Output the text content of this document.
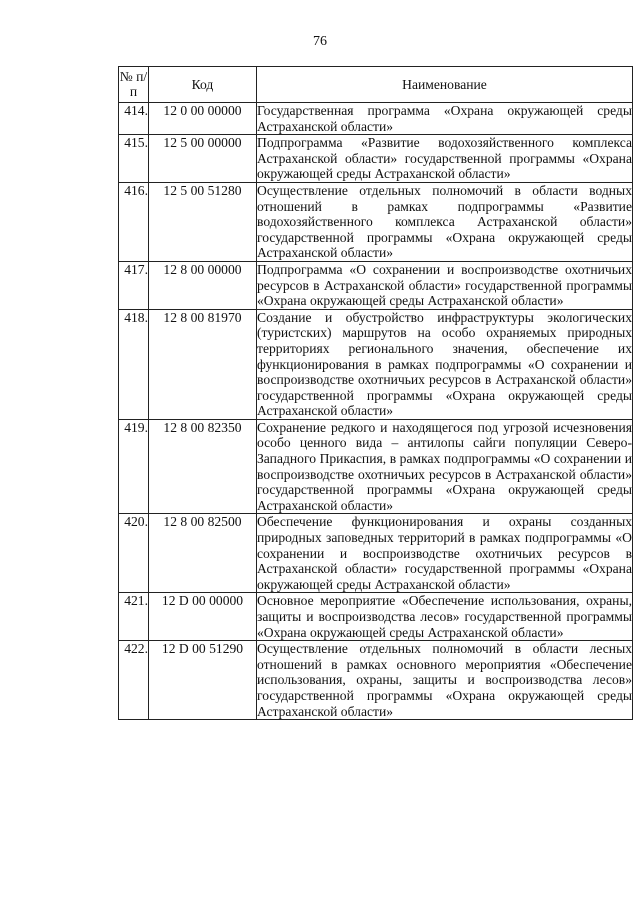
76
№ п/п	Код	Наименование
414.	12 0 00 00000	Государственная программа «Охрана окружающей среды Астраханской области»
415.	12 5 00 00000	Подпрограмма «Развитие водохозяйственного комплекса Астраханской области» государственной программы «Охрана окружающей среды Астраханской области»
416.	12 5 00 51280	Осуществление отдельных полномочий в области водных отношений в рамках подпрограммы «Развитие водохозяйственного комплекса Астраханской области» государственной программы «Охрана окружающей среды Астраханской области»
417.	12 8 00 00000	Подпрограмма «О сохранении и воспроизводстве охотничьих ресурсов в Астраханской области» государственной программы «Охрана окружающей среды Астраханской области»
418.	12 8 00 81970	Создание и обустройство инфраструктуры экологических (туристских) маршрутов на особо охраняемых природных территориях регионального значения, обеспечение их функционирования в рамках подпрограммы «О сохранении и воспроизводстве охотничьих ресурсов в Астраханской области» государственной программы «Охрана окружающей среды Астраханской области»
419.	12 8 00 82350	Сохранение редкого и находящегося под угрозой исчезновения особо ценного вида – антилопы сайги популяции Северо-Западного Прикаспия, в рамках подпрограммы «О сохранении и воспроизводстве охотничьих ресурсов в Астраханской области» государственной программы «Охрана окружающей среды Астраханской области»
420.	12 8 00 82500	Обеспечение функционирования и охраны созданных природных заповедных территорий в рамках подпрограммы «О сохранении и воспроизводстве охотничьих ресурсов в Астраханской области» государственной программы «Охрана окружающей среды Астраханской области»
421.	12 D 00 00000	Основное мероприятие «Обеспечение использования, охраны, защиты и воспроизводства лесов» государственной программы «Охрана окружающей среды Астраханской области»
422.	12 D 00 51290	Осуществление отдельных полномочий в области лесных отношений в рамках основного мероприятия «Обеспечение использования, охраны, защиты и воспроизводства лесов» государственной программы «Охрана окружающей среды Астраханской области»
